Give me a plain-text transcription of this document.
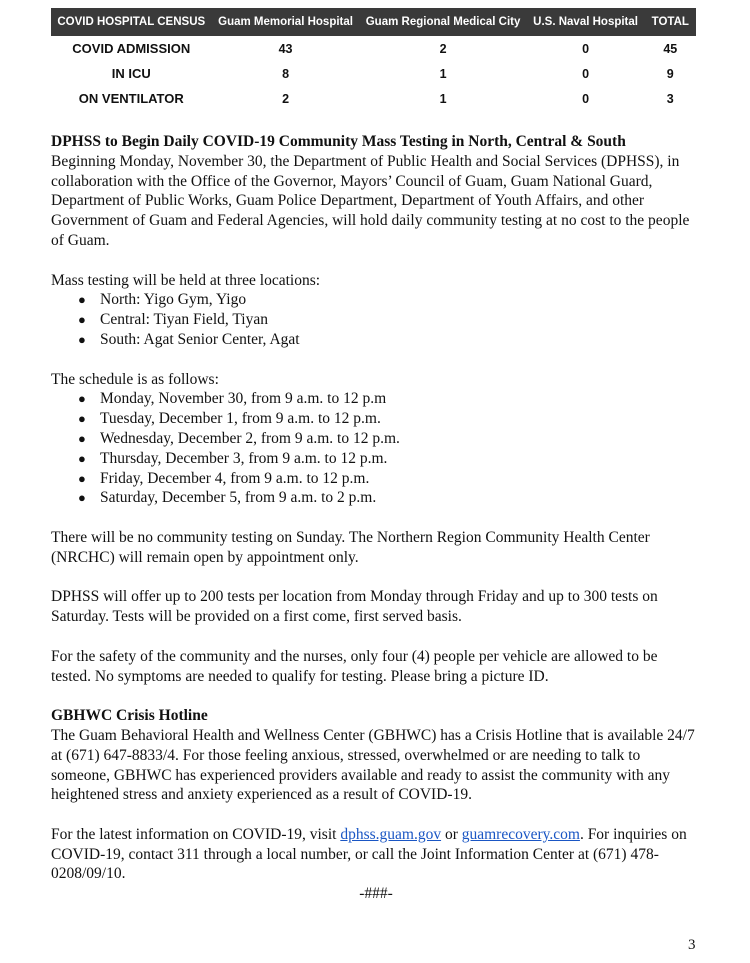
COVID HOSPITAL CENSUS	Guam Memorial Hospital	Guam Regional Medical City	U.S. Naval Hospital	TOTAL
COVID ADMISSION	43	2	0	45
IN ICU	8	1	0	9
ON VENTILATOR	2	1	0	3
DPHSS to Begin Daily COVID-19 Community Mass Testing in North, Central & South

Beginning Monday, November 30, the Department of Public Health and Social Services (DPHSS), in collaboration with the Office of the Governor, Mayors’ Council of Guam, Guam National Guard, Department of Public Works, Guam Police Department, Department of Youth Affairs, and other Government of Guam and Federal Agencies, will hold daily community testing at no cost to the people of Guam.

Mass testing will be held at three locations:

● North: Yigo Gym, Yigo
● Central: Tiyan Field, Tiyan
● South: Agat Senior Center, Agat

The schedule is as follows:

● Monday, November 30, from 9 a.m. to 12 p.m
● Tuesday, December 1, from 9 a.m. to 12 p.m.
● Wednesday, December 2, from 9 a.m. to 12 p.m.
● Thursday, December 3, from 9 a.m. to 12 p.m.
● Friday, December 4, from 9 a.m. to 12 p.m.
● Saturday, December 5, from 9 a.m. to 2 p.m.

There will be no community testing on Sunday. The Northern Region Community Health Center (NRCHC) will remain open by appointment only.

DPHSS will offer up to 200 tests per location from Monday through Friday and up to 300 tests on Saturday. Tests will be provided on a first come, first served basis.

For the safety of the community and the nurses, only four (4) people per vehicle are allowed to be tested. No symptoms are needed to qualify for testing. Please bring a picture ID.

GBHWC Crisis Hotline

The Guam Behavioral Health and Wellness Center (GBHWC) has a Crisis Hotline that is available 24/7 at (671) 647-8833/4. For those feeling anxious, stressed, overwhelmed or are needing to talk to someone, GBHWC has experienced providers available and ready to assist the community with any heightened stress and anxiety experienced as a result of COVID-19.

For the latest information on COVID-19, visit dphss.guam.gov or guamrecovery.com. For inquiries on COVID-19, contact 311 through a local number, or call the Joint Information Center at (671) 478-0208/09/10.

-###-

3
